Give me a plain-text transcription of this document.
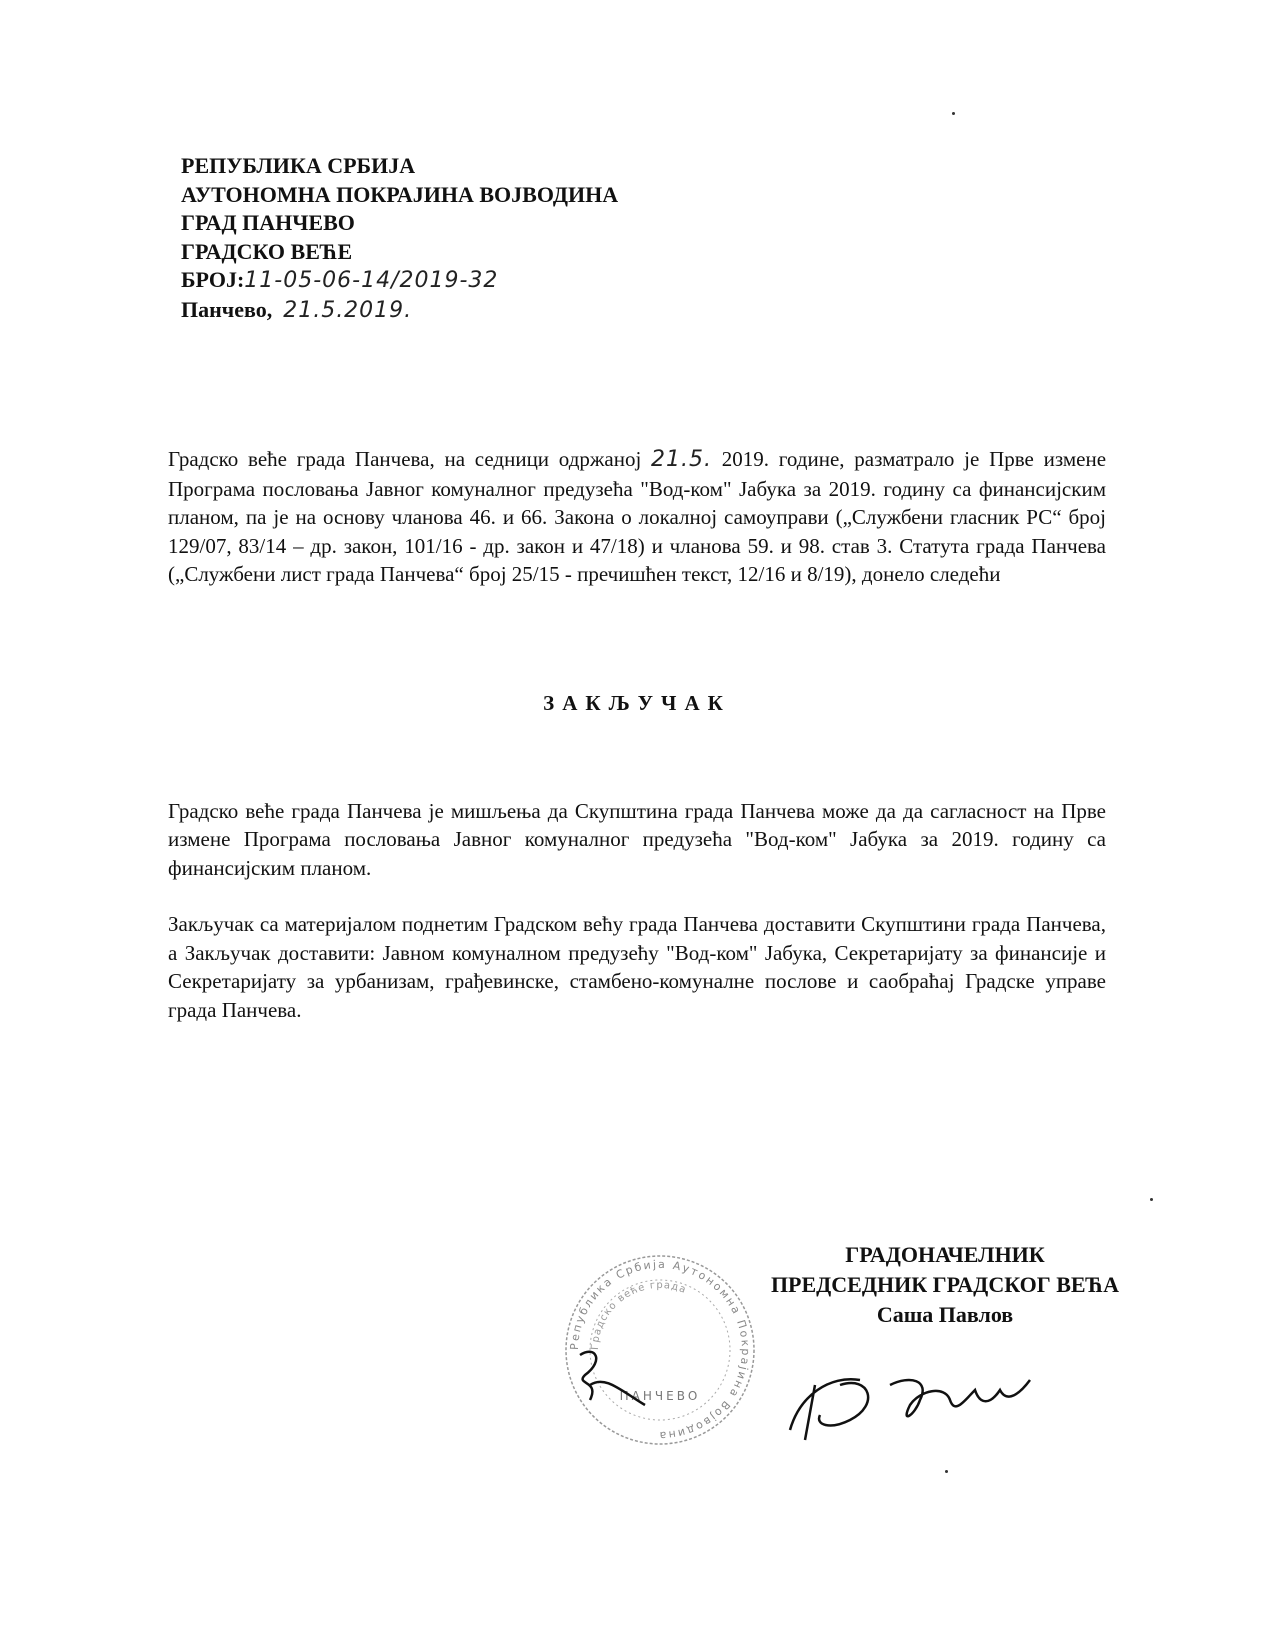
РЕПУБЛИКА СРБИЈА
АУТОНОМНА ПОКРАЈИНА ВОЈВОДИНА
ГРАД ПАНЧЕВО
ГРАДСКО ВЕЋЕ
БРОЈ:11-05-06-14/2019-32
Панчево, 21.5.2019.

Градско веће града Панчева, на седници одржаној 21.5. 2019. године, разматрало је Прве измене Програма пословања Јавног комуналног предузећа "Вод-ком" Јабука за 2019. годину са финансијским планом, па је на основу чланова 46. и 66. Закона о локалној самоуправи („Службени гласник РС“ број 129/07, 83/14 – др. закон, 101/16 - др. закон и 47/18) и чланова 59. и 98. став 3. Статута града Панчева („Службени лист града Панчева“ број 25/15 - пречишћен текст, 12/16 и 8/19), донело следећи

ЗАКЉУЧАК

Градско веће града Панчева је мишљења да Скупштина града Панчева може да да сагласност на Прве измене Програма пословања Јавног комуналног предузећа "Вод-ком" Јабука за 2019. годину са финансијским планом.

Закључак са материјалом поднетим Градском већу града Панчева доставити Скупштини града Панчева, а Закључак доставити: Јавном комуналном предузећу "Вод-ком" Јабука, Секретаријату за финансије и Секретаријату за урбанизам, грађевинске, стамбено-комуналне послове и саобраћај Градске управе града Панчева.

Република Србија Аутономна Покрајина Војводина
Градско веће града
ПАНЧЕВО
ГРАДОНАЧЕЛНИК
ПРЕДСЕДНИК ГРАДСКОГ ВЕЋА
Саша Павлов
